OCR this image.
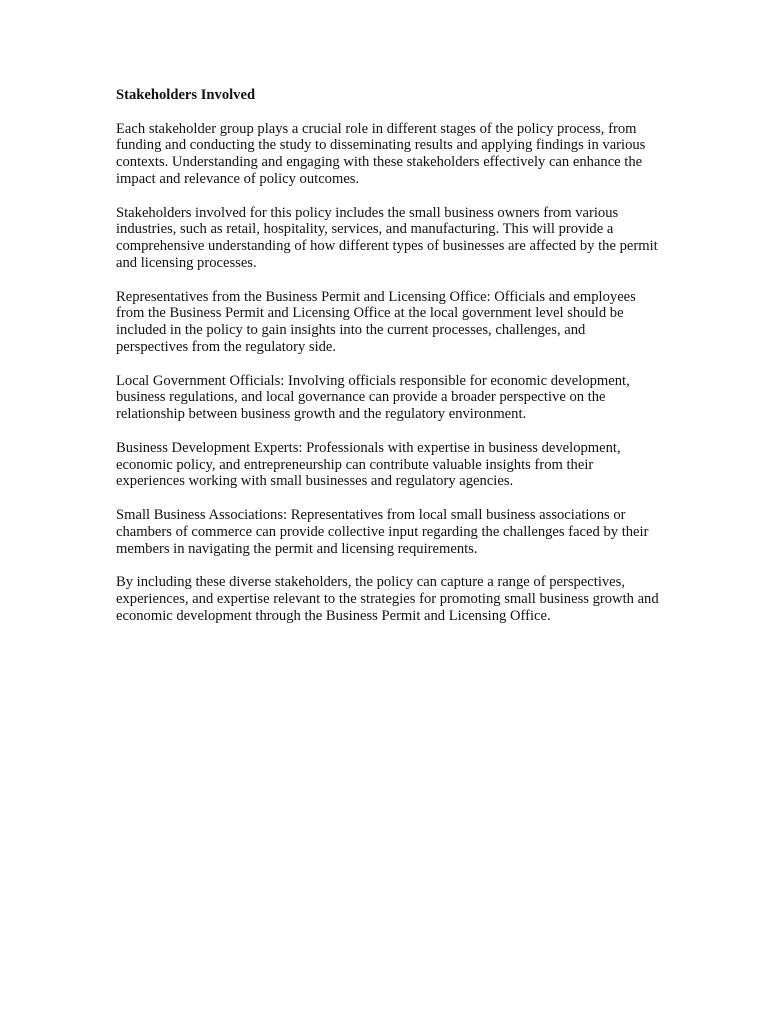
Stakeholders Involved

Each stakeholder group plays a crucial role in different stages of the policy process, from funding and conducting the study to disseminating results and applying findings in various contexts. Understanding and engaging with these stakeholders effectively can enhance the impact and relevance of policy outcomes.

Stakeholders involved for this policy includes the small business owners from various industries, such as retail, hospitality, services, and manufacturing. This will provide a comprehensive understanding of how different types of businesses are affected by the permit and licensing processes.

Representatives from the Business Permit and Licensing Office: Officials and employees from the Business Permit and Licensing Office at the local government level should be included in the policy to gain insights into the current processes, challenges, and perspectives from the regulatory side.

Local Government Officials: Involving officials responsible for economic development, business regulations, and local governance can provide a broader perspective on the relationship between business growth and the regulatory environment.

Business Development Experts: Professionals with expertise in business development, economic policy, and entrepreneurship can contribute valuable insights from their experiences working with small businesses and regulatory agencies.

Small Business Associations: Representatives from local small business associations or chambers of commerce can provide collective input regarding the challenges faced by their members in navigating the permit and licensing requirements.

By including these diverse stakeholders, the policy can capture a range of perspectives, experiences, and expertise relevant to the strategies for promoting small business growth and economic development through the Business Permit and Licensing Office.
